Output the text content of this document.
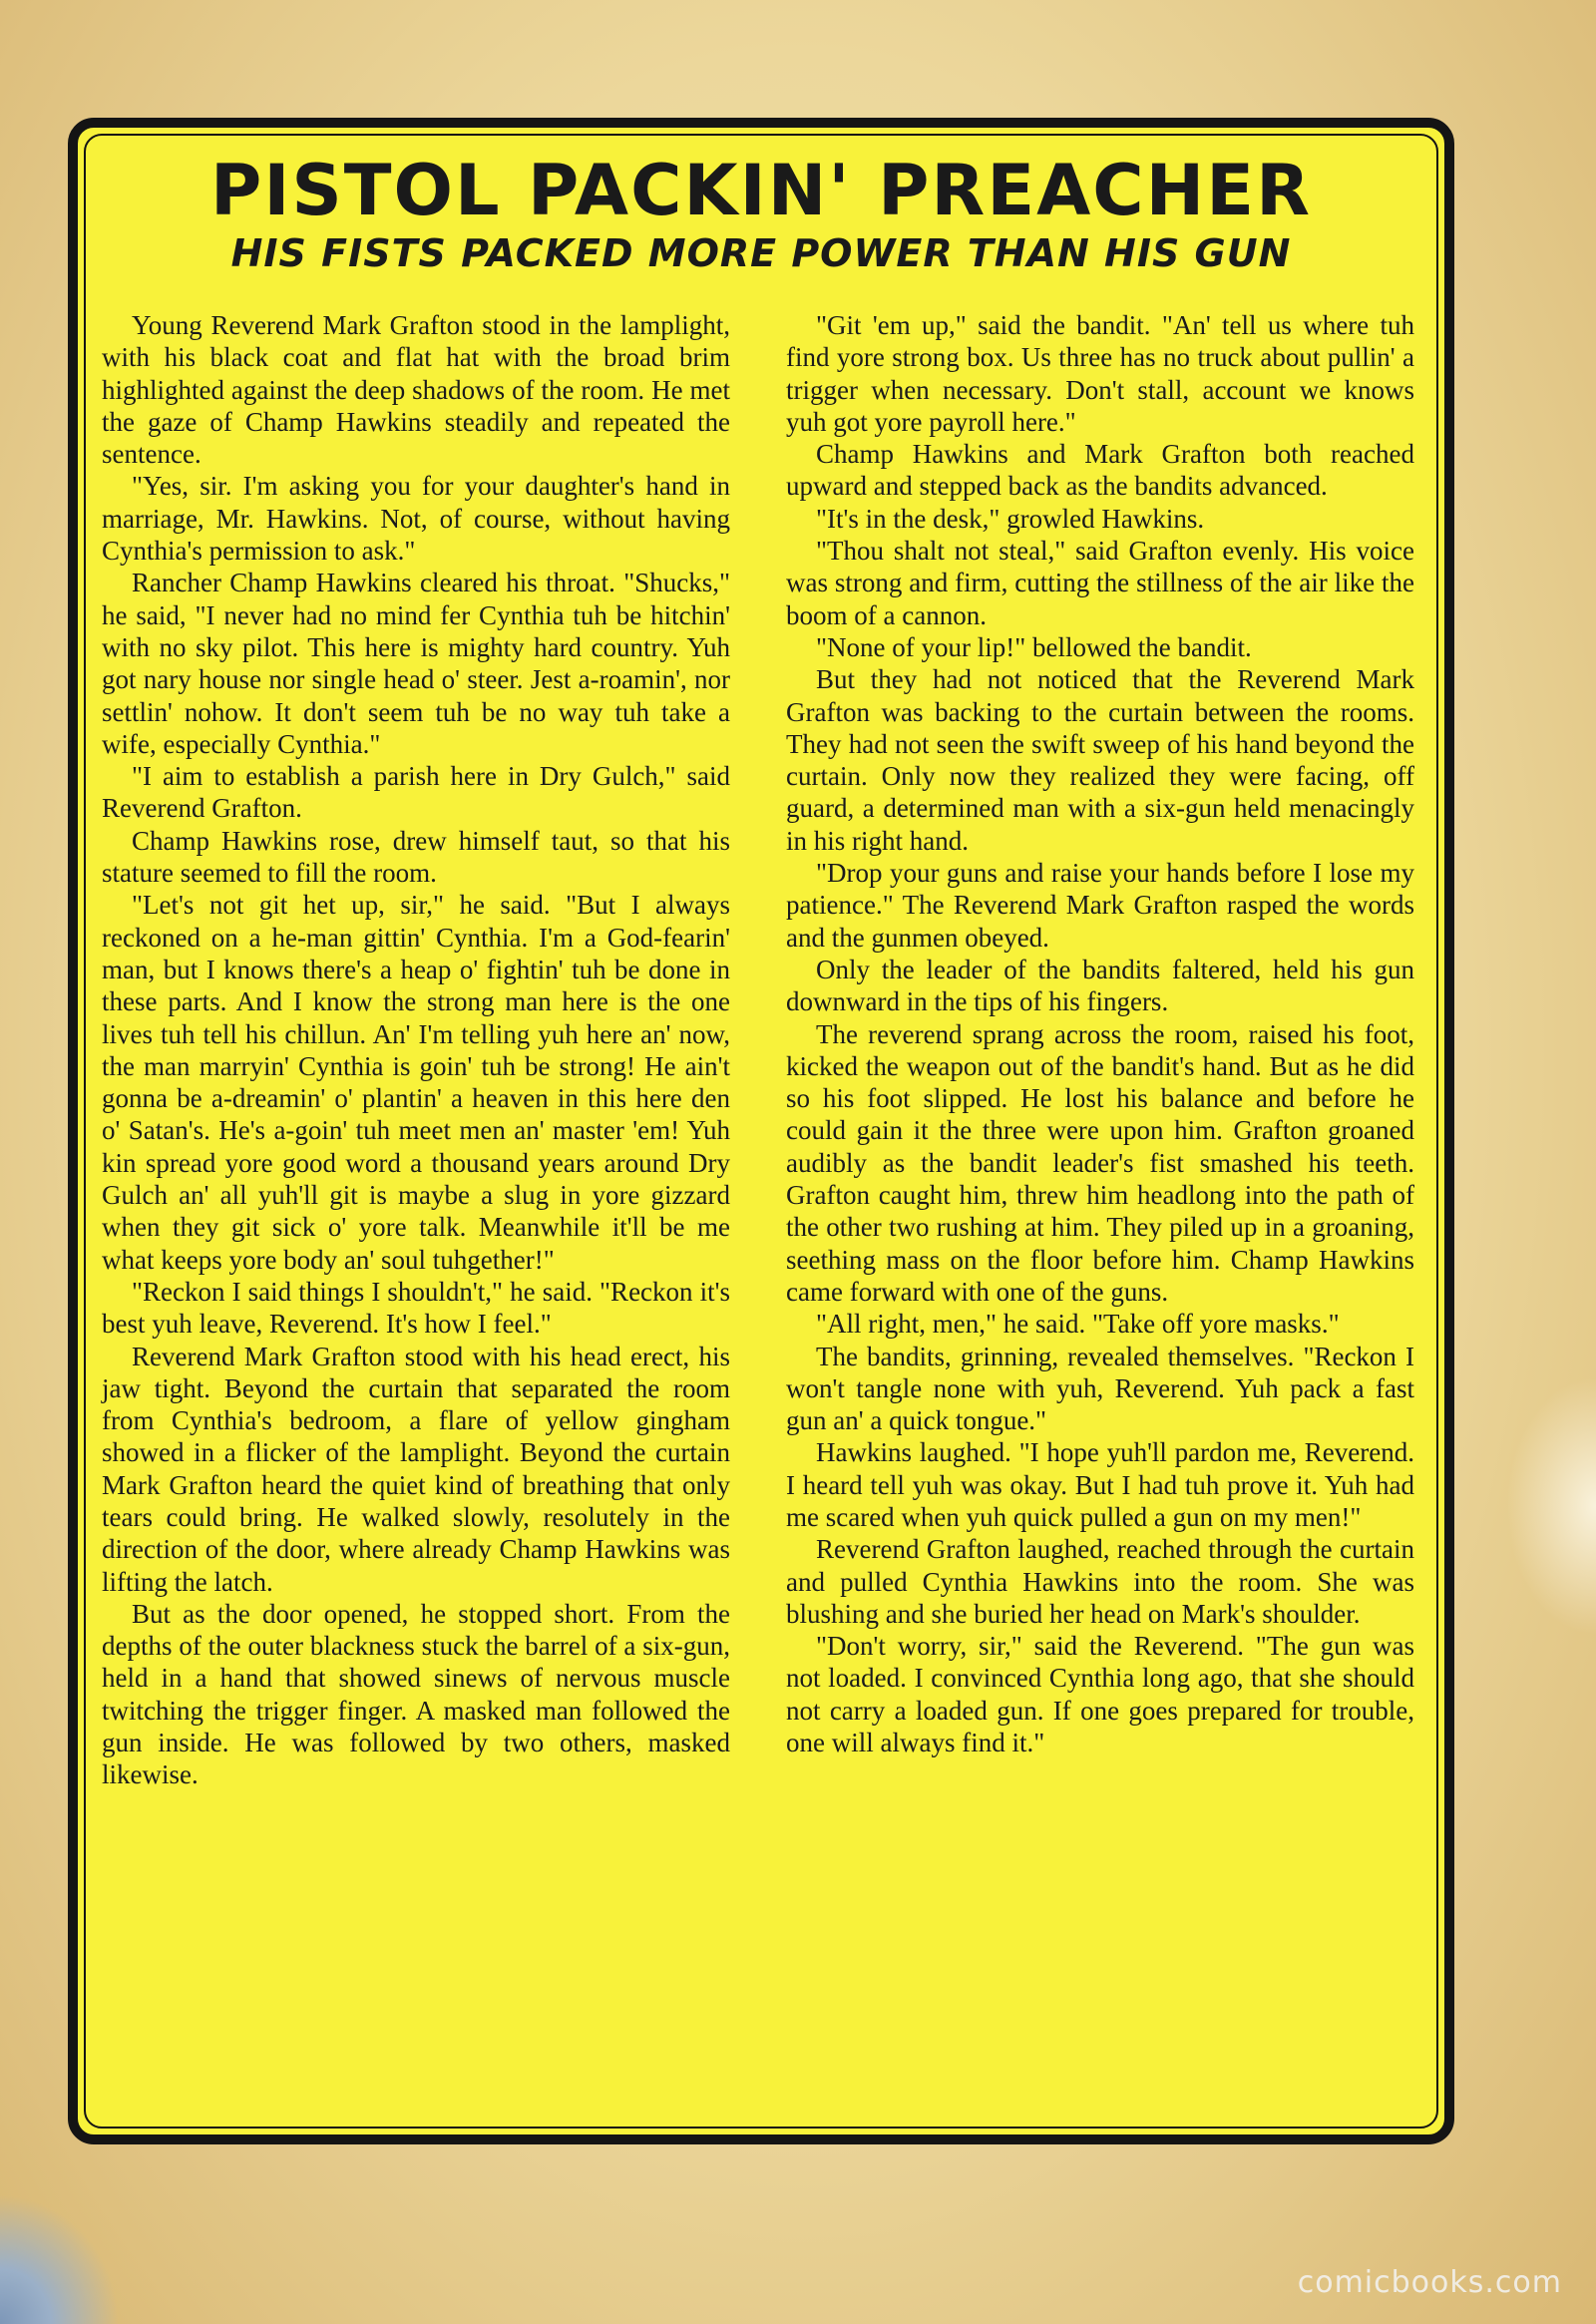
PISTOL PACKIN' PREACHER
HIS FISTS PACKED MORE POWER THAN HIS GUN

Young Reverend Mark Grafton stood in the lamplight, with his black coat and flat hat with the broad brim highlighted against the deep shadows of the room. He met the gaze of Champ Hawkins steadily and repeated the sentence.

"Yes, sir. I'm asking you for your daughter's hand in marriage, Mr. Hawkins. Not, of course, without having Cynthia's permission to ask."

Rancher Champ Hawkins cleared his throat. "Shucks," he said, "I never had no mind fer Cynthia tuh be hitchin' with no sky pilot. This here is mighty hard country. Yuh got nary house nor single head o' steer. Jest a-roamin', nor settlin' nohow. It don't seem tuh be no way tuh take a wife, especially Cynthia."

"I aim to establish a parish here in Dry Gulch," said Reverend Grafton.

Champ Hawkins rose, drew himself taut, so that his stature seemed to fill the room.

"Let's not git het up, sir," he said. "But I always reckoned on a he-man gittin' Cynthia. I'm a God-fearin' man, but I knows there's a heap o' fightin' tuh be done in these parts. And I know the strong man here is the one lives tuh tell his chillun. An' I'm telling yuh here an' now, the man marryin' Cynthia is goin' tuh be strong! He ain't gonna be a-dreamin' o' plantin' a heaven in this here den o' Satan's. He's a-goin' tuh meet men an' master 'em! Yuh kin spread yore good word a thousand years around Dry Gulch an' all yuh'll git is maybe a slug in yore gizzard when they git sick o' yore talk. Meanwhile it'll be me what keeps yore body an' soul tuhgether!"

"Reckon I said things I shouldn't," he said. "Reckon it's best yuh leave, Reverend. It's how I feel."

Reverend Mark Grafton stood with his head erect, his jaw tight. Beyond the curtain that separated the room from Cynthia's bedroom, a flare of yellow gingham showed in a flicker of the lamplight. Beyond the curtain Mark Grafton heard the quiet kind of breathing that only tears could bring. He walked slowly, resolutely in the direction of the door, where already Champ Hawkins was lifting the latch.

But as the door opened, he stopped short. From the depths of the outer blackness stuck the barrel of a six-gun, held in a hand that showed sinews of nervous muscle twitching the trigger finger. A masked man followed the gun inside. He was followed by two others, masked likewise.

"Git 'em up," said the bandit. "An' tell us where tuh find yore strong box. Us three has no truck about pullin' a trigger when necessary. Don't stall, account we knows yuh got yore payroll here."

Champ Hawkins and Mark Grafton both reached upward and stepped back as the bandits advanced.

"It's in the desk," growled Hawkins.

"Thou shalt not steal," said Grafton evenly. His voice was strong and firm, cutting the stillness of the air like the boom of a cannon.

"None of your lip!" bellowed the bandit.

But they had not noticed that the Reverend Mark Grafton was backing to the curtain between the rooms. They had not seen the swift sweep of his hand beyond the curtain. Only now they realized they were facing, off guard, a determined man with a six-gun held menacingly in his right hand.

"Drop your guns and raise your hands before I lose my patience." The Reverend Mark Grafton rasped the words and the gunmen obeyed.

Only the leader of the bandits faltered, held his gun downward in the tips of his fingers.

The reverend sprang across the room, raised his foot, kicked the weapon out of the bandit's hand. But as he did so his foot slipped. He lost his balance and before he could gain it the three were upon him. Grafton groaned audibly as the bandit leader's fist smashed his teeth. Grafton caught him, threw him headlong into the path of the other two rushing at him. They piled up in a groaning, seething mass on the floor before him. Champ Hawkins came forward with one of the guns.

"All right, men," he said. "Take off yore masks."

The bandits, grinning, revealed themselves. "Reckon I won't tangle none with yuh, Reverend. Yuh pack a fast gun an' a quick tongue."

Hawkins laughed. "I hope yuh'll pardon me, Reverend. I heard tell yuh was okay. But I had tuh prove it. Yuh had me scared when yuh quick pulled a gun on my men!"

Reverend Grafton laughed, reached through the curtain and pulled Cynthia Hawkins into the room. She was blushing and she buried her head on Mark's shoulder.

"Don't worry, sir," said the Reverend. "The gun was not loaded. I convinced Cynthia long ago, that she should not carry a loaded gun. If one goes prepared for trouble, one will always find it."

comicbooks.com
